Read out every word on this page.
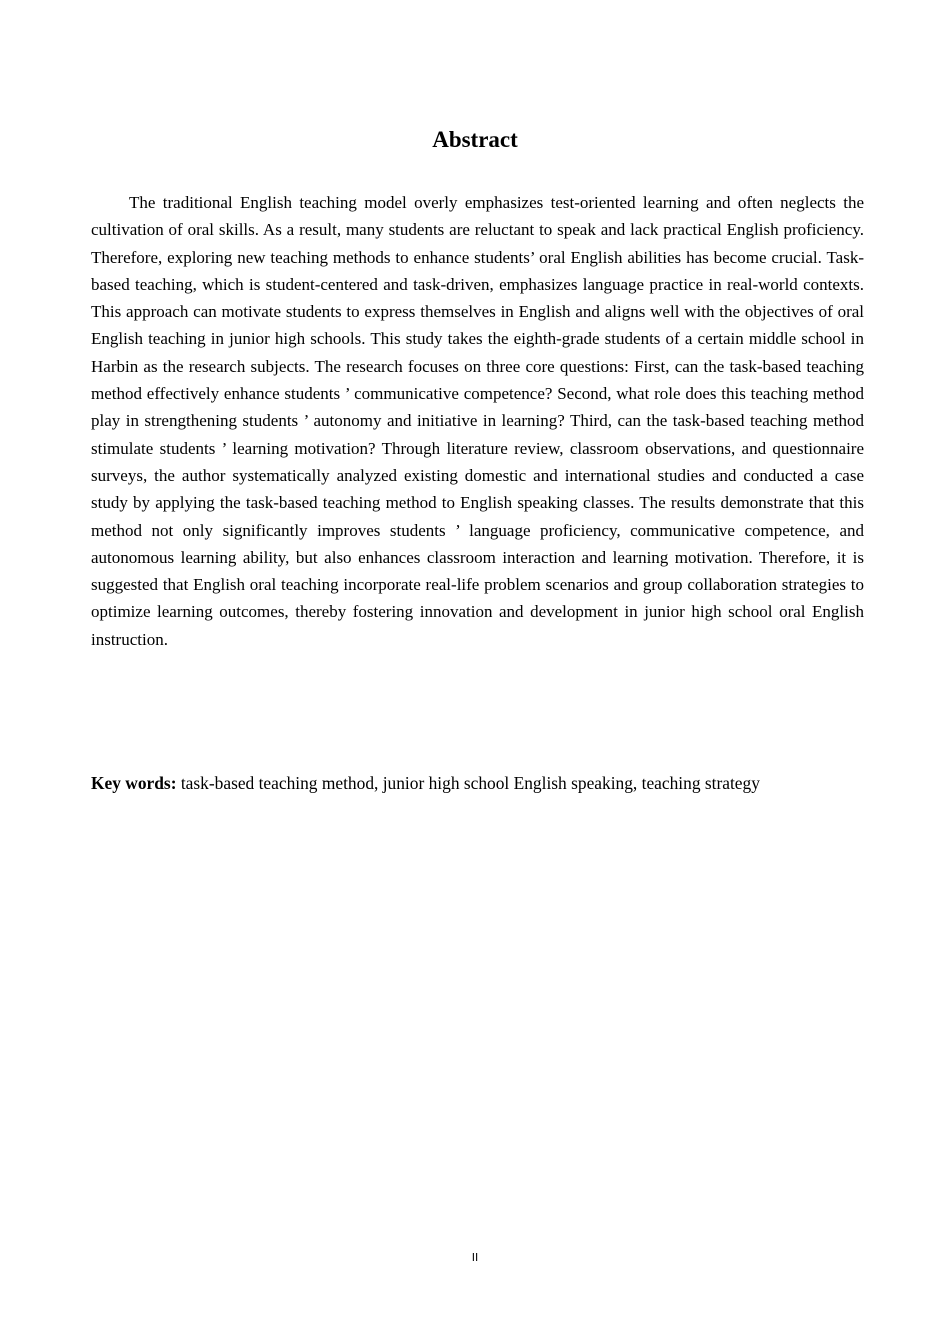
Abstract

The traditional English teaching model overly emphasizes test-oriented learning and often neglects the cultivation of oral skills. As a result, many students are reluctant to speak and lack practical English proficiency. Therefore, exploring new teaching methods to enhance students’ oral English abilities has become crucial. Task-based teaching, which is student-centered and task-driven, emphasizes language practice in real-world contexts. This approach can motivate students to express themselves in English and aligns well with the objectives of oral English teaching in junior high schools. This study takes the eighth-grade students of a certain middle school in Harbin as the research subjects. The research focuses on three core questions: First, can the task-based teaching method effectively enhance students ’ communicative competence? Second, what role does this teaching method play in strengthening students ’ autonomy and initiative in learning? Third, can the task-based teaching method stimulate students ’ learning motivation? Through literature review, classroom observations, and questionnaire surveys, the author systematically analyzed existing domestic and international studies and conducted a case study by applying the task-based teaching method to English speaking classes. The results demonstrate that this method not only significantly improves students ’ language proficiency, communicative competence, and autonomous learning ability, but also enhances classroom interaction and learning motivation. Therefore, it is suggested that English oral teaching incorporate real-life problem scenarios and group collaboration strategies to optimize learning outcomes, thereby fostering innovation and development in junior high school oral English instruction.

Key words: task-based teaching method, junior high school English speaking, teaching strategy

II
